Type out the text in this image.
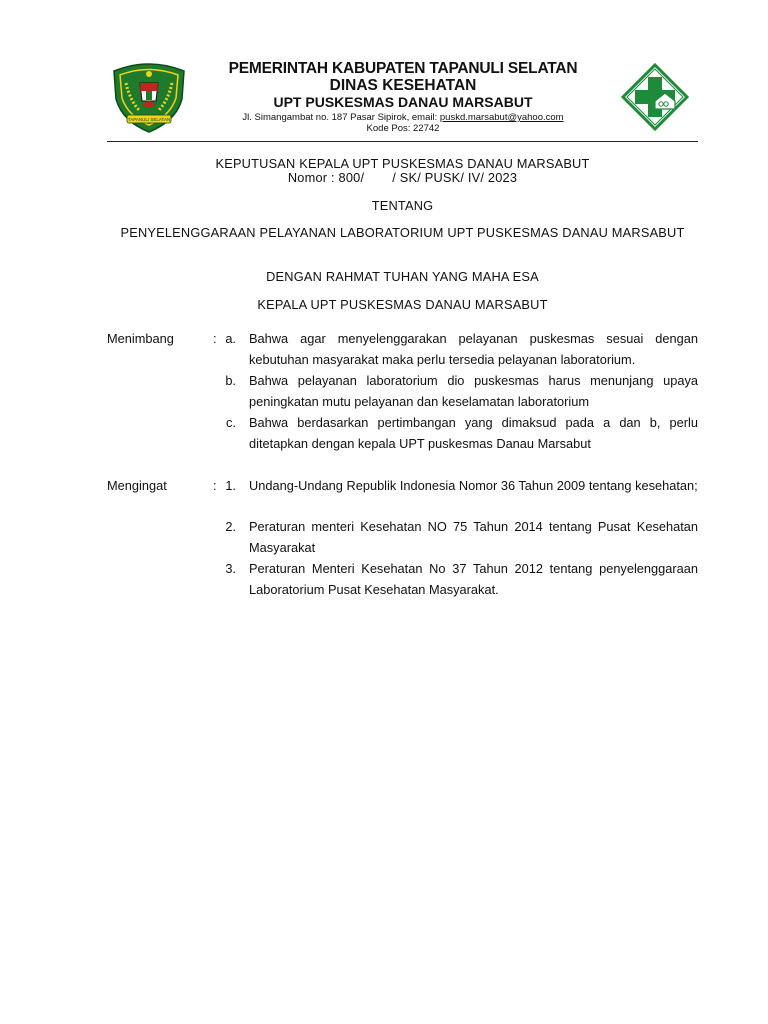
TAPANULI SELATAN
PEMERINTAH KABUPATEN TAPANULI SELATAN
DINAS KESEHATAN
UPT PUSKESMAS DANAU MARSABUT
Jl. Simangambat no. 187 Pasar Sipirok, email: puskd.marsabut@yahoo.com
Kode Pos: 22742
KEPUTUSAN KEPALA UPT PUSKESMAS DANAU MARSABUT
Nomor : 800/ / SK/ PUSK/ IV/ 2023
TENTANG
PENYELENGGARAAN PELAYANAN LABORATORIUM UPT PUSKESMAS DANAU MARSABUT
DENGAN RAHMAT TUHAN YANG MAHA ESA
KEPALA UPT PUSKESMAS DANAU MARSABUT
Menimbang	: a. Bahwa agar menyelenggarakan pelayanan puskesmas sesuai dengan kebutuhan masyarakat maka perlu tersedia pelayanan laboratorium.
b. Bahwa pelayanan laboratorium dio puskesmas harus menunjang upaya peningkatan mutu pelayanan dan keselamatan laboratorium
c. Bahwa berdasarkan pertimbangan yang dimaksud pada a dan b, perlu ditetapkan dengan kepala UPT puskesmas Danau Marsabut
Mengingat	: 1. Undang-Undang Republik Indonesia Nomor 36 Tahun 2009 tentang kesehatan;
2. Peraturan menteri Kesehatan NO 75 Tahun 2014 tentang Pusat Kesehatan Masyarakat
3. Peraturan Menteri Kesehatan No 37 Tahun 2012 tentang penyelenggaraan Laboratorium Pusat Kesehatan Masyarakat.
